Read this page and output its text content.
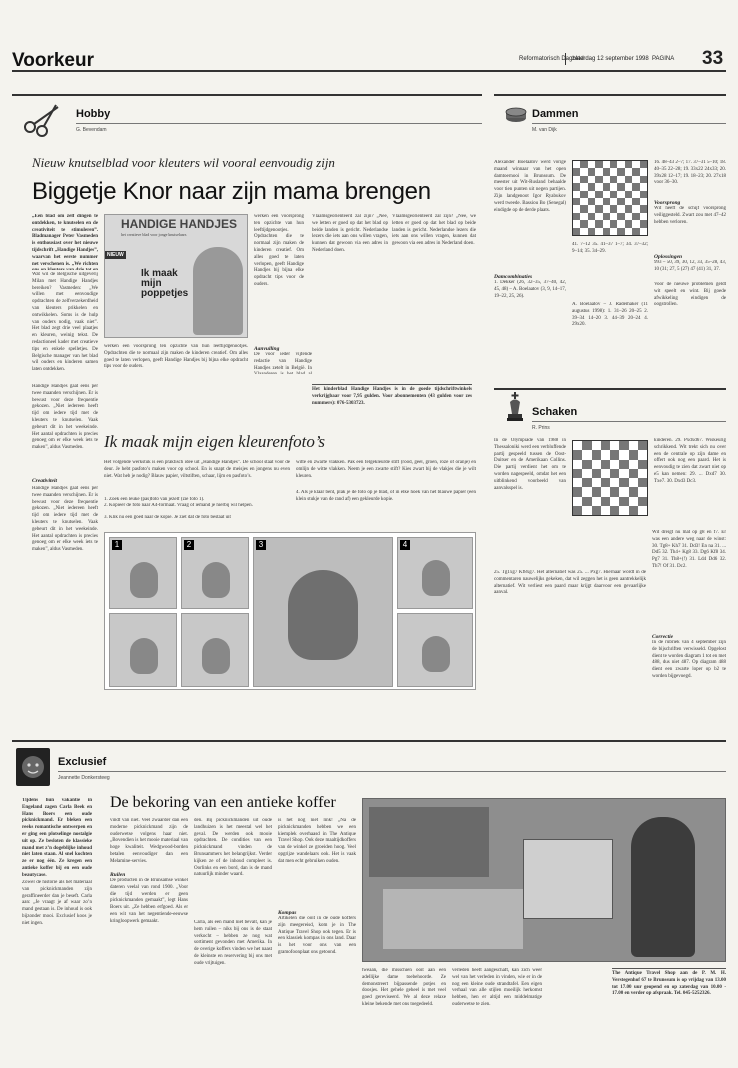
Voorkeur	Reformatorisch Dagblad
zaterdag 12 september 1998 PAGINA 33
Hobby
G. Bevendam
Nieuw knutselblad voor kleuters wil vooral eenvoudig zijn
Biggetje Knor naar zijn mama brengen
„Een blad om zelf dingen te ontdekken, te knutselen en de creativiteit te stimuleren”. Bladmanager Peter Vasmeden is enthousiast over het nieuwe tijdschrift „Handige Handjes”, waarvan het eerste nummer net verschenen is. „We richten
Wat wil de Belgische uitgeverij Milan met Handige Handjes bereiken? Vasmeden: „We willen met eenvoudige opdrachten de zelfverzekerdheid van kleuters prikkelen en ontwikkelen. Soms is de hulp van ouders nodig, vaak niet”. Het blad zegt drie veel plaatjes en kleuren, weinig tekst. De redactioneel kader met creatieve tips en enkele spelletjes. De Belgische manager van het blad wil ouders en kinderen samen laten ontdekken.
Handige Handjes gaat eens per twee maanden verschijnen. Er is bewust voor deze frequentie gekozen. „Niet iedereen heeft tijd om iedere tijd met de kleuters te knutselen. Vaak gebeurt dit in het weekeinde. Het aantal opdrachten is precies genoeg om er elke week iets te maken”, aldus Vasmeden.
Creativiteit
Handige Handjes gaat eens per twee maanden verschijnen. Er is bewust voor deze frequentie gekozen. „Niet iedereen heeft tijd om iedere tijd met de kleuters te knutselen. Vaak gebeurt dit in het weekeinde. Het aantal opdrachten is precies genoeg om er elke week iets te maken”, aldus Vasmeden.
HANDIGE HANDJES
het creatieve blad voor jonge knutselaars
NIEUW
Ik maak mijn poppetjes
werken een voorsprong ten opzichte van hun leeftijdgenootjes. Opdrachten die te normaal zijn maken de kinderen creatief. Om alles goed te laten verlopen, geeft Handige Handjes bij bijna elke opdracht tips voor de ouders.
werken een voorsprong ten opzichte van hun leeftijdgenootjes. Opdrachten die te normaal zijn maken de kinderen creatief. Om alles goed te laten verlopen, geeft Handige Handjes bij bijna elke opdracht tips voor de ouders.
Aanvulling
De voor ieder vijfende redactie van Handige Handjes zetelt in België. In
Vlaamsgeörienteerd zal zijn? „Nee, we letten er goed op dat het blad op beide landen is gericht. Nederlandse lezers die iets aan ons willen vragen, kunnen dat gewoon via een adres in Nederland doen.
Vlaamsgeörienteerd zal zijn? „Nee, we letten er goed op dat het blad op beide landen is gericht. Nederlandse lezers die iets aan ons willen vragen, kunnen dat gewoon via een adres in Nederland doen.
Het kinderblad Handige Handjes is in de goede tijdschriftwinkels verkrijgbaar voor 7,95 gulden. Voor abonnementen (43 gulden voor zes nummers): 076-5303723.
Ik maak mijn eigen kleurenfoto’s
Het volgende werkstuk is een praktisch idee uit „Handige Handjes”. De school staat voor de deur. Je hebt pasfoto’s maken voor op school. En is snapt de meisjes en jongens nu even niet. Wat heb je nodig? Blauw papier, viltstiften, schaar, lijm en pasfoto’s.
1. Zoek een leuke (pas)foto van jezelf (zie foto 1).
2. Kopieer de foto naar A4-formaat. Vraag of iemand je hierbij wil helpen.
3. Klik nu een goed naar de kopie. Je ziet dat de foto bestaat uit
witte en zwarte vlakken. Pak een felgekleurde stift (rood, geel, groen, roze of oranje) en omlijn de witte vlakken. Neem je een zwarte stift? Kies zwart bij de vlakjes die je wilt kleuren.
4. Als je klaar bent, plak je de foto op je blad, of in elke hoek van het blauwe papier (een klein stukje van de rand af) een gekleurde kopie.
1	2	3	4
Dammen
M. van Dijk
Alexander Boelaatov werd vorige maand winnaar van het open damtoernooi in Brunssum. De meester uit Wit-Rusland behaalde voor tien punten uit negen partijen. Zijn landgenoot Igor Ryabukov werd tweede. Bassiou Bo (Senegal) eindigde op de derde plaats.
16. 48–43 2–7; 17. 37–31 5–10; 18. 40–35 22–28; 19. 33x22 24x33; 20. 39x28 12–17; 19. 18–23; 20. 27x18 voor 36–30.
Voorsprong
Wit heeft de schijf voorsprong veiliggesteld. Zwart zou met 47–42 hebben verloren.
Damcombinaties
1. Dekker (26, 32–35, 37–40, 42, 45, 48) – A. Boelaatov (3, 9, 14–17, 19–22, 25, 26).
41. 7–12 35. 41–37 1–7; 34. 37–32; 9–14; 35. 34–29.
A. Boelaatov – J. Rademaker (11 augustus 1998): 1. 31–26 20–25 2. 39–34 14–20 3. 44–39 20–24 4. 29x20.
Oplossingen
993 – 50, 39, 30, 12, 33, 35–28, 43, 10 (31; 27, 5 (27) 47 (41) 31, 37.
Voor de nieuwe problemen geldt wit speelt en wint. Bij goede afwikkeling eindigen de oogstrollen.
Schaken
R. Prins
In de Olympiade van 1988 in Thessaloniki werd een verbluffende partij gespeeld tussen de Oost-Duitser en de Amerikaan Collins. Die partij verdient het om te worden nagespeeld, omdat het een uitblinkend voorbeeld van aanvalsspel is.
kinderen. 29. Pxdxd67. Wiskeurig schrikkend. Wit trekt sich nu over een de centrale op zijn dame en offert ook nog een paard. Het is eenvoudig te zien dat zwart niet op e5 kan nemen: 29. ... Dxd7 30. Txe7. 30. Dxd3 Dc3.
25. Tg1xg7 Kf8xg7. Het alternatief was 25. ... Pxg7. Hiernaar wordt in de commentaren nauwelijks gekeken, dat wil zeggen het is geen aantrekkelijk alternatief. Wit verliest een paard maar krijgt daarvoor een gevaarlijke aanval.
Wit dreigt nu mat op g8 en f7. Er was een andere weg naar de winst: 30. Tg8+ Kh7 31. Dd3! En na 31. ... Dd5 32. Th4+ Kg8 33. Dg6 Kf8 34. Pg7 31. Th8+(!) 31. Ld4 Dd6 32. Th7! Of 31. Dc2.
Correctie
In de rubriek van 4 september zijn de bijschriften verwisseld. Opgelost dient te worden diagram 1 tot en met 488, dus niet 487. Op diagram 488 dient een zwarte loper op b2 te worden bijgevoegd.
Exclusief
Jeannette Donkersteeg
Tijdens hun vakantie in Engeland zagen Carla Beek en Hans Boers een oude picknickmand. Er bleken een reeks romantische ontwerpen en er ging een plotselinge nostalgie uit op. Ze besloten de klassieke mand met z’n dogeblijke inhoud niet laten staan. Al snel kochten ze er nog één. Ze kregen een antieke koffer bij en een oude beautycase.
Zowel de historie als het materiaal van picknickmanden zijn geraffineerder dan je beseft. Carla aan: „Je vraagt je af waar zo’n mand gestaan is. De inhoud is ook bijzonder mooi. Exclusief koos je niet ingen.
De bekoring van een antieke koffer
vindt van niet. Veel zwaarder dan een moderne picknickmand zijn de ouderwetse volgens haar niet. „Bovendien is het mooie materiaal van hoge kwaliteit. Wedgwood-borden betalen eenvoudiger dan een Melamine-servies.
Ruilen
De producten in de Brunsamse winkel dateren veelal van rond 1900. „Voor die tijd werden er geen picknickmanden gemaakt”, legt Hans Boers uit. „Ze hebben erfgoed. Als er een wit van het negentiende-eeuwse kringloopwerk gemaakt.
den. Bij picknickmanden uit oude landhuizen is het meestal wel het geval. De werden ook mooie opdrachten. De condities van een picknickmand vinden de Brunsammers het belangrijkst. Verder kijken ze of de inhoud compleet is. Oorlinks en een bord, dan is de mand natuurlijk minder waard.
Carla, als een mand niet bevalt, kan je hem ruilen – niks bij ons is de staat verkocht – hebben ze nog wat sortiment gevonden met Amerika. In de overige koffers vinden we het naast de kleinste en reservering bij ons met oude vrijtuigen.
is het nog niet link! „Na de picknickmanden hebben we een kiemplek overhaasd in The Antique Travel Shop. Ook deze maaltijdkoffers van de winkel ze groeiden hoog. Veel opgrijze wandelaars ook. Het is vaak dat men echt gebruiken ouden.
Kompas
Artikelen die ooit in de oude koffers zijn meegereisd, kom je in The Antique Travel Shop ook tegen. Er is een klassiek kompas in ons land. Daar is het voor ons van een gramofoonplaat ons getoond.
tweaan, die misschien ooit aan een adellijke dame toebehoorde. Ze demonstreert bijpassende potjes en doosjes. Het gehele geheel is met veel goed gereviseerd. We al deze relaxe kleine bekende met ons toegedeeld.
verleden heeft aangeschaft, kan zich weer wel van het verleden in vinden, wie er in de nog een kleine oude strandtafel. Een eigen verhaal van alle stijlen moeilijk herkomst hebben, hen er altijd een middelmatige ouderwetse te zien.
The Antique Travel Shop aan de P. M. H. Verstegenhof 67 te Brunssum is op vrijdag van 13.00 tot 17.00 uur geopend en op zaterdag van 10.00 - 17.00 en verder op afspraak. Tel. 045-5252326.
